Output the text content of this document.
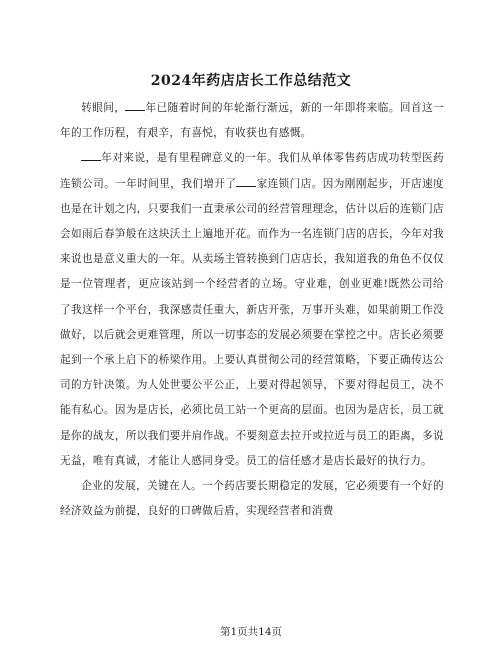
2024年药店店长工作总结范文

转眼间， 年已随着时间的年轮渐行渐远，新的一年即将来临。回首这一年的工作历程，有艰辛，有喜悦，有收获也有感慨。

年对来说，是有里程碑意义的一年。我们从单体零售药店成功转型医药连锁公司。一年时间里，我们增开了 家连锁门店。因为刚刚起步，开店速度也是在计划之内，只要我们一直秉承公司的经营管理理念，估计以后的连锁门店会如雨后春笋般在这块沃土上遍地开花。而作为一名连锁门店的店长，今年对我来说也是意义重大的一年。从卖场主管转换到门店店长，我知道我的角色不仅仅是一位管理者，更应该站到一个经营者的立场。守业难，创业更难!既然公司给了我这样一个平台，我深感责任重大，新店开张，万事开头难，如果前期工作没做好，以后就会更难管理，所以一切事态的发展必须要在掌控之中。店长必须要起到一个承上启下的桥梁作用。上要认真贯彻公司的经营策略，下要正确传达公司的方针决策。为人处世要公平公正，上要对得起领导，下要对得起员工，决不能有私心。因为是店长，必须比员工站一个更高的层面。也因为是店长，员工就是你的战友，所以我们要并肩作战。不要刻意去拉开或拉近与员工的距离，多说无益，唯有真诚，才能让人感同身受。员工的信任感才是店长最好的执行力。

企业的发展，关键在人。一个药店要长期稳定的发展，它必须要有一个好的经济效益为前提，良好的口碑做后盾，实现经营者和消费

第1页共14页
